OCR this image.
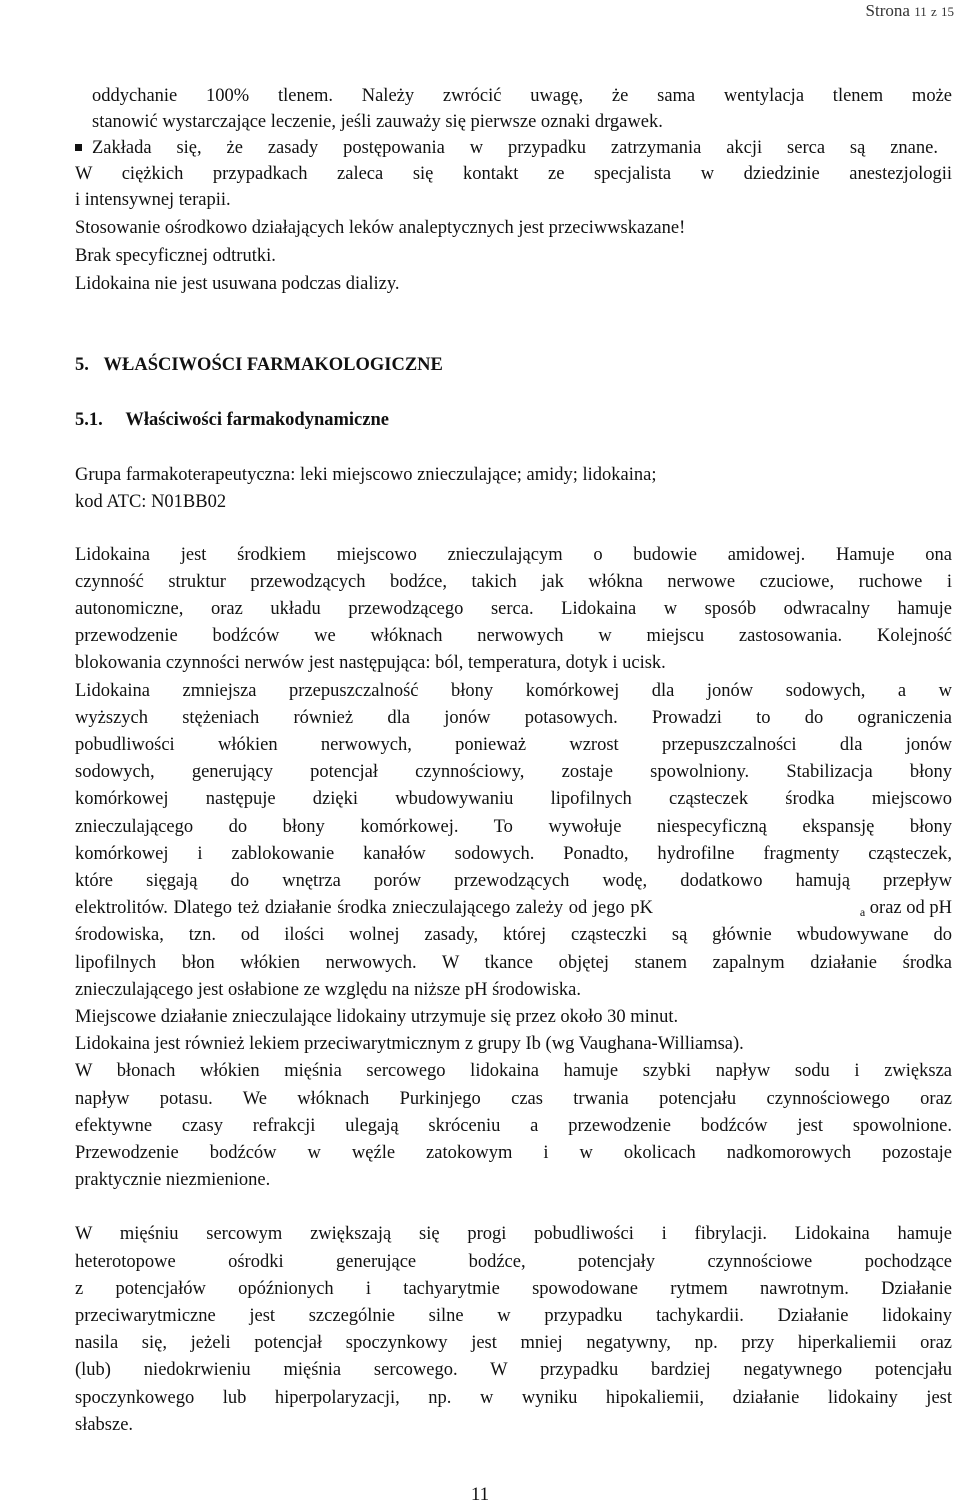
Strona 11 z 15
oddychanie 100% tlenem. Należy zwrócić uwagę, że sama wentylacja tlenem może
stanowić wystarczające leczenie, jeśli zauważy się pierwsze oznaki drgawek.
Zakłada się, że zasady postępowania w przypadku zatrzymania akcji serca są znane.
W ciężkich przypadkach zaleca się kontakt ze specjalista w dziedzinie anestezjologii
i intensywnej terapii.
Stosowanie ośrodkowo działających leków analeptycznych jest przeciwwskazane!
Brak specyficznej odtrutki.
Lidokaina nie jest usuwana podczas dializy.
5. WŁAŚCIWOŚCI FARMAKOLOGICZNE
5.1. Właściwości farmakodynamiczne
Grupa farmakoterapeutyczna: leki miejscowo znieczulające; amidy; lidokaina;
kod ATC: N01BB02
Lidokaina jest środkiem miejscowo znieczulającym o budowie amidowej. Hamuje ona
czynność struktur przewodzących bodźce, takich jak włókna nerwowe czuciowe, ruchowe i
autonomiczne, oraz układu przewodzącego serca. Lidokaina w sposób odwracalny hamuje
przewodzenie bodźców we włóknach nerwowych w miejscu zastosowania. Kolejność
blokowania czynności nerwów jest następująca: ból, temperatura, dotyk i ucisk.
Lidokaina zmniejsza przepuszczalność błony komórkowej dla jonów sodowych, a w
wyższych stężeniach również dla jonów potasowych. Prowadzi to do ograniczenia
pobudliwości włókien nerwowych, ponieważ wzrost przepuszczalności dla jonów
sodowych, generujący potencjał czynnościowy, zostaje spowolniony. Stabilizacja błony
komórkowej następuje dzięki wbudowywaniu lipofilnych cząsteczek środka miejscowo
znieczulającego do błony komórkowej. To wywołuje niespecyficzną ekspansję błony
komórkowej i zablokowanie kanałów sodowych. Ponadto, hydrofilne fragmenty cząsteczek,
które sięgają do wnętrza porów przewodzących wodę, dodatkowo hamują przepływ
elektrolitów. Dlatego też działanie środka znieczulającego zależy od jego pK	$_a$ oraz od pH
środowiska, tzn. od ilości wolnej zasady, której cząsteczki są głównie wbudowywane do
lipofilnych błon włókien nerwowych. W tkance objętej stanem zapalnym działanie środka
znieczulającego jest osłabione ze względu na niższe pH środowiska.
Miejscowe działanie znieczulające lidokainy utrzymuje się przez około 30 minut.
Lidokaina jest również lekiem przeciwarytmicznym z grupy Ib (wg Vaughana-Williamsa).
W błonach włókien mięśnia sercowego lidokaina hamuje szybki napływ sodu i zwiększa
napływ potasu. We włóknach Purkinjego czas trwania potencjału czynnościowego oraz
efektywne czasy refrakcji ulegają skróceniu a przewodzenie bodźców jest spowolnione.
Przewodzenie bodźców w węźle zatokowym i w okolicach nadkomorowych pozostaje
praktycznie niezmienione.
W mięśniu sercowym zwiększają się progi pobudliwości i fibrylacji. Lidokaina hamuje
heterotopowe ośrodki generujące bodźce, potencjały czynnościowe pochodzące
z potencjałów opóźnionych i tachyarytmie spowodowane rytmem nawrotnym. Działanie
przeciwarytmiczne jest szczególnie silne w przypadku tachykardii. Działanie lidokainy
nasila się, jeżeli potencjał spoczynkowy jest mniej negatywny, np. przy hiperkaliemii oraz
(lub) niedokrwieniu mięśnia sercowego. W przypadku bardziej negatywnego potencjału
spoczynkowego lub hiperpolaryzacji, np. w wyniku hipokaliemii, działanie lidokainy jest
słabsze.
11
